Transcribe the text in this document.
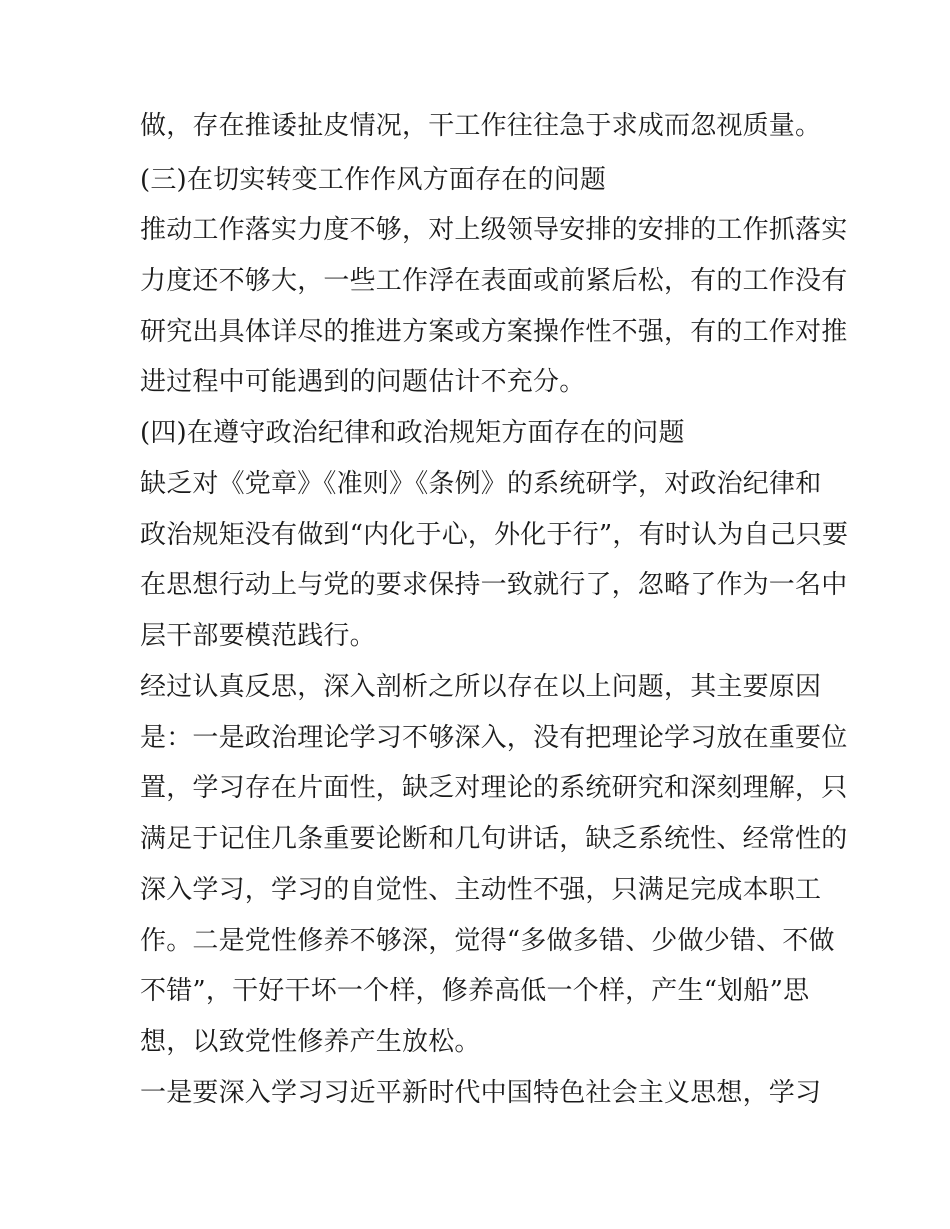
做，存在推诿扯皮情况，干工作往往急于求成而忽视质量。
(三)在切实转变工作作风方面存在的问题
推动工作落实力度不够，对上级领导安排的安排的工作抓落实
力度还不够大，一些工作浮在表面或前紧后松，有的工作没有
研究出具体详尽的推进方案或方案操作性不强，有的工作对推
进过程中可能遇到的问题估计不充分。
(四)在遵守政治纪律和政治规矩方面存在的问题
缺乏对《党章》《准则》《条例》的系统研学，对政治纪律和
政治规矩没有做到“内化于心，外化于行”，有时认为自己只要
在思想行动上与党的要求保持一致就行了，忽略了作为一名中
层干部要模范践行。
经过认真反思，深入剖析之所以存在以上问题，其主要原因
是：一是政治理论学习不够深入，没有把理论学习放在重要位
置，学习存在片面性，缺乏对理论的系统研究和深刻理解，只
满足于记住几条重要论断和几句讲话，缺乏系统性、经常性的
深入学习，学习的自觉性、主动性不强，只满足完成本职工
作。二是党性修养不够深，觉得“多做多错、少做少错、不做
不错”，干好干坏一个样，修养高低一个样，产生“划船”思
想，以致党性修养产生放松。
一是要深入学习习近平新时代中国特色社会主义思想，学习
